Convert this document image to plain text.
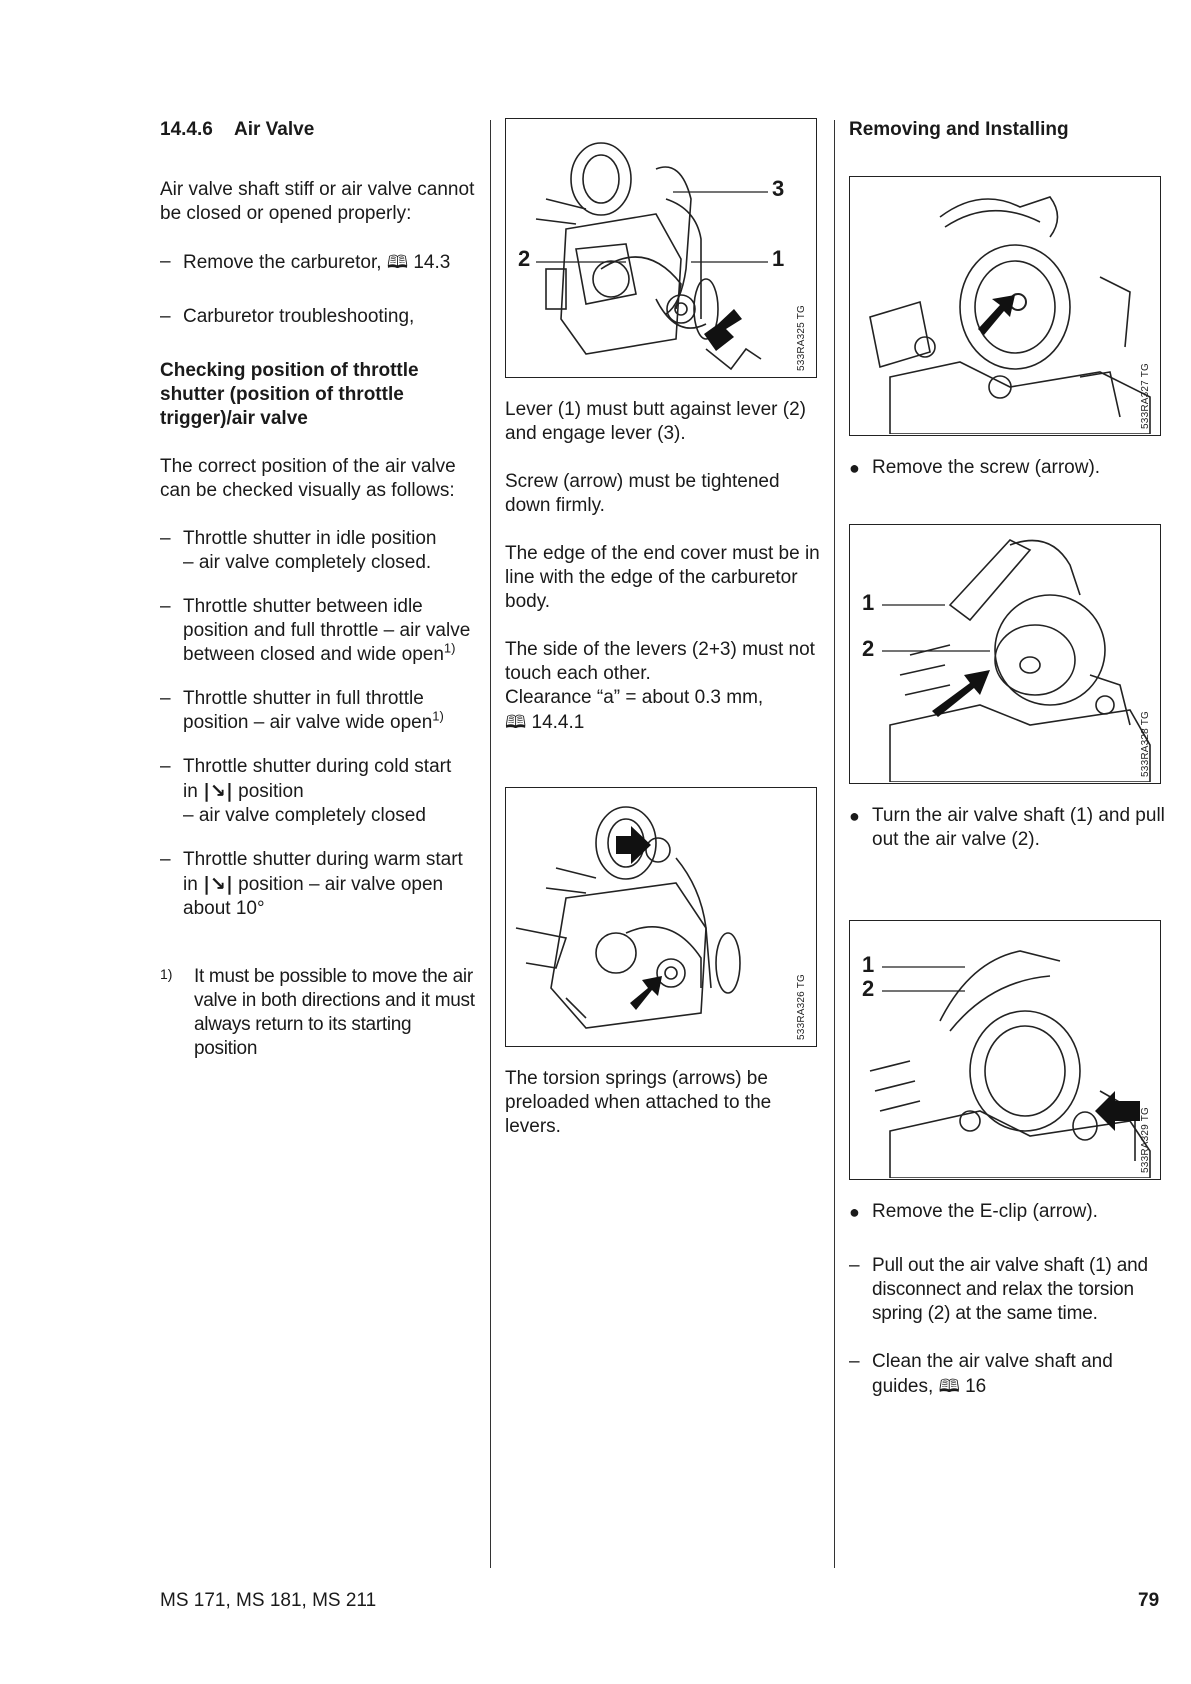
14.4.6	Air Valve

Air valve shaft stiff or air valve cannot be closed or opened properly:

– Remove the carburetor, 🕮 14.3
– Carburetor troubleshooting,

Checking position of throttle shutter (position of throttle trigger)/air valve

The correct position of the air valve can be checked visually as follows:

– Throttle shutter in idle position
– air valve completely closed.
– Throttle shutter between idle position and full throttle – air valve between closed and wide open$^{1)}$
– Throttle shutter in full throttle position – air valve wide open$^{1)}$
– Throttle shutter during cold start
in |↘| position
– air valve completely closed
– Throttle shutter during warm start
in |↘| position – air valve open about 10°
1)	It must be possible to move the air valve in both directions and it must always return to its starting position
3
2	1
533RA325 TG

Lever (1) must butt against lever (2) and engage lever (3).

Screw (arrow) must be tightened down firmly.

The edge of the end cover must be in line with the edge of the carburetor body.

The side of the levers (2+3) must not touch each other.

Clearance “a” = about 0.3 mm,
🕮 14.4.1

533RA326 TG

The torsion springs (arrows) be preloaded when attached to the levers.

Removing and Installing

533RA327 TG
● Remove the screw (arrow).
1
2
533RA328 TG
● Turn the air valve shaft (1) and pull out the air valve (2).
1
2
533RA329 TG
● Remove the E-clip (arrow).
– Pull out the air valve shaft (1) and disconnect and relax the torsion spring (2) at the same time.
– Clean the air valve shaft and guides, 🕮 16
MS 171, MS 181, MS 211	79
